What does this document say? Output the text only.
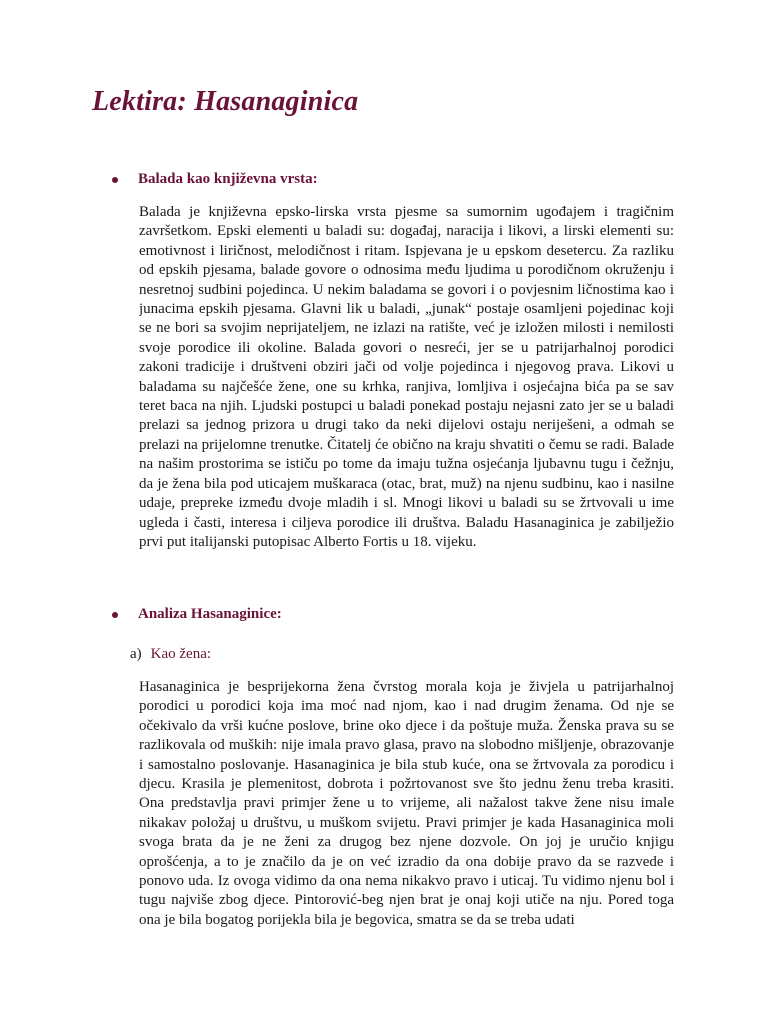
Lektira: Hasanaginica
Balada kao književna vrsta:

Balada je književna epsko-lirska vrsta pjesme sa sumornim ugođajem i tragičnim završetkom. Epski elementi u baladi su: događaj, naracija i likovi, a lirski elementi su: emotivnost i liričnost, melodičnost i ritam. Ispjevana je u epskom desetercu. Za razliku od epskih pjesama, balade govore o odnosima među ljudima u porodičnom okruženju i nesretnoj sudbini pojedinca. U nekim baladama se govori i o povjesnim ličnostima kao i junacima epskih pjesama. Glavni lik u baladi, „junak“ postaje osamljeni pojedinac koji se ne bori sa svojim neprijateljem, ne izlazi na ratište, već je izložen milosti i nemilosti svoje porodice ili okoline. Balada govori o nesreći, jer se u patrijarhalnoj porodici zakoni tradicije i društveni obziri jači od volje pojedinca i njegovog prava. Likovi u baladama su najčešće žene, one su krhka, ranjiva, lomljiva i osjećajna bića pa se sav teret baca na njih. Ljudski postupci u baladi ponekad postaju nejasni zato jer se u baladi prelazi sa jednog prizora u drugi tako da neki dijelovi ostaju neriješeni, a odmah se prelazi na prijelomne trenutke. Čitatelj će obično na kraju shvatiti o čemu se radi. Balade na našim prostorima se ističu po tome da imaju tužna osjećanja ljubavnu tugu i čežnju, da je žena bila pod uticajem muškaraca (otac, brat, muž) na njenu sudbinu, kao i nasilne udaje, prepreke između dvoje mladih i sl. Mnogi likovi u baladi su se žrtvovali u ime ugleda i časti, interesa i ciljeva porodice ili društva. Baladu Hasanaginica je zabilježio prvi put italijanski putopisac Alberto Fortis u 18. vijeku.

Analiza Hasanaginice:
a) Kao žena:

Hasanaginica je besprijekorna žena čvrstog morala koja je živjela u patrijarhalnoj porodici u porodici koja ima moć nad njom, kao i nad drugim ženama. Od nje se očekivalo da vrši kućne poslove, brine oko djece i da poštuje muža. Ženska prava su se razlikovala od muških: nije imala pravo glasa, pravo na slobodno mišljenje, obrazovanje i samostalno poslovanje. Hasanaginica je bila stub kuće, ona se žrtvovala za porodicu i djecu. Krasila je plemenitost, dobrota i požrtovanost sve što jednu ženu treba krasiti. Ona predstavlja pravi primjer žene u to vrijeme, ali nažalost takve žene nisu imale nikakav položaj u društvu, u muškom svijetu. Pravi primjer je kada Hasanaginica moli svoga brata da je ne ženi za drugog bez njene dozvole. On joj je uručio knjigu oprošćenja, a to je značilo da je on već izradio da ona dobije pravo da se razvede i ponovo uda. Iz ovoga vidimo da ona nema nikakvo pravo i uticaj. Tu vidimo njenu bol i tugu najviše zbog djece. Pintorović-beg njen brat je onaj koji utiče na nju. Pored toga ona je bila bogatog porijekla bila je begovica, smatra se da se treba udati
